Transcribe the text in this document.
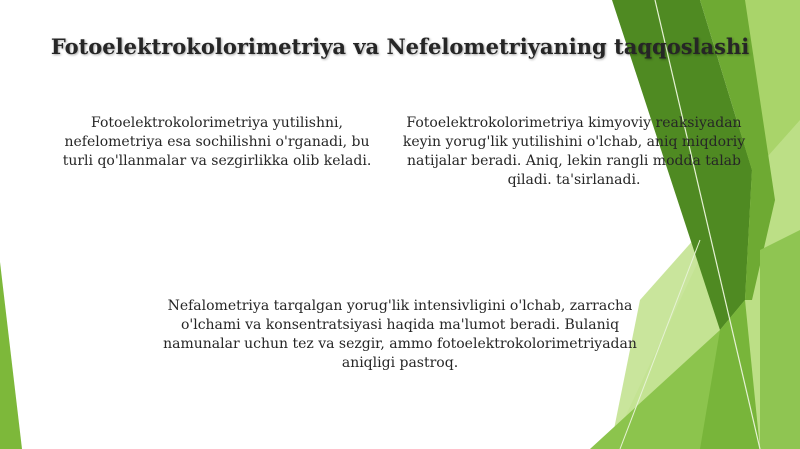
Fotoelektrokolorimetriya va Nefelometriyaning taqqoslashi
Fotoelektrokolorimetriya yutilishni, nefelometriya esa sochilishni o'rganadi, bu turli qo'llanmalar va sezgirlikka olib keladi.
Fotoelektrokolorimetriya kimyoviy reaksiyadan keyin yorug'lik yutilishini o'lchab, aniq miqdoriy natijalar beradi. Aniq, lekin rangli modda talab qiladi. ta'sirlanadi.
Nefalometriya tarqalgan yorug'lik intensivligini o'lchab, zarracha o'lchami va konsentratsiyasi haqida ma'lumot beradi. Bulaniq namunalar uchun tez va sezgir, ammo fotoelektrokolorimetriyadan aniqligi pastroq.
